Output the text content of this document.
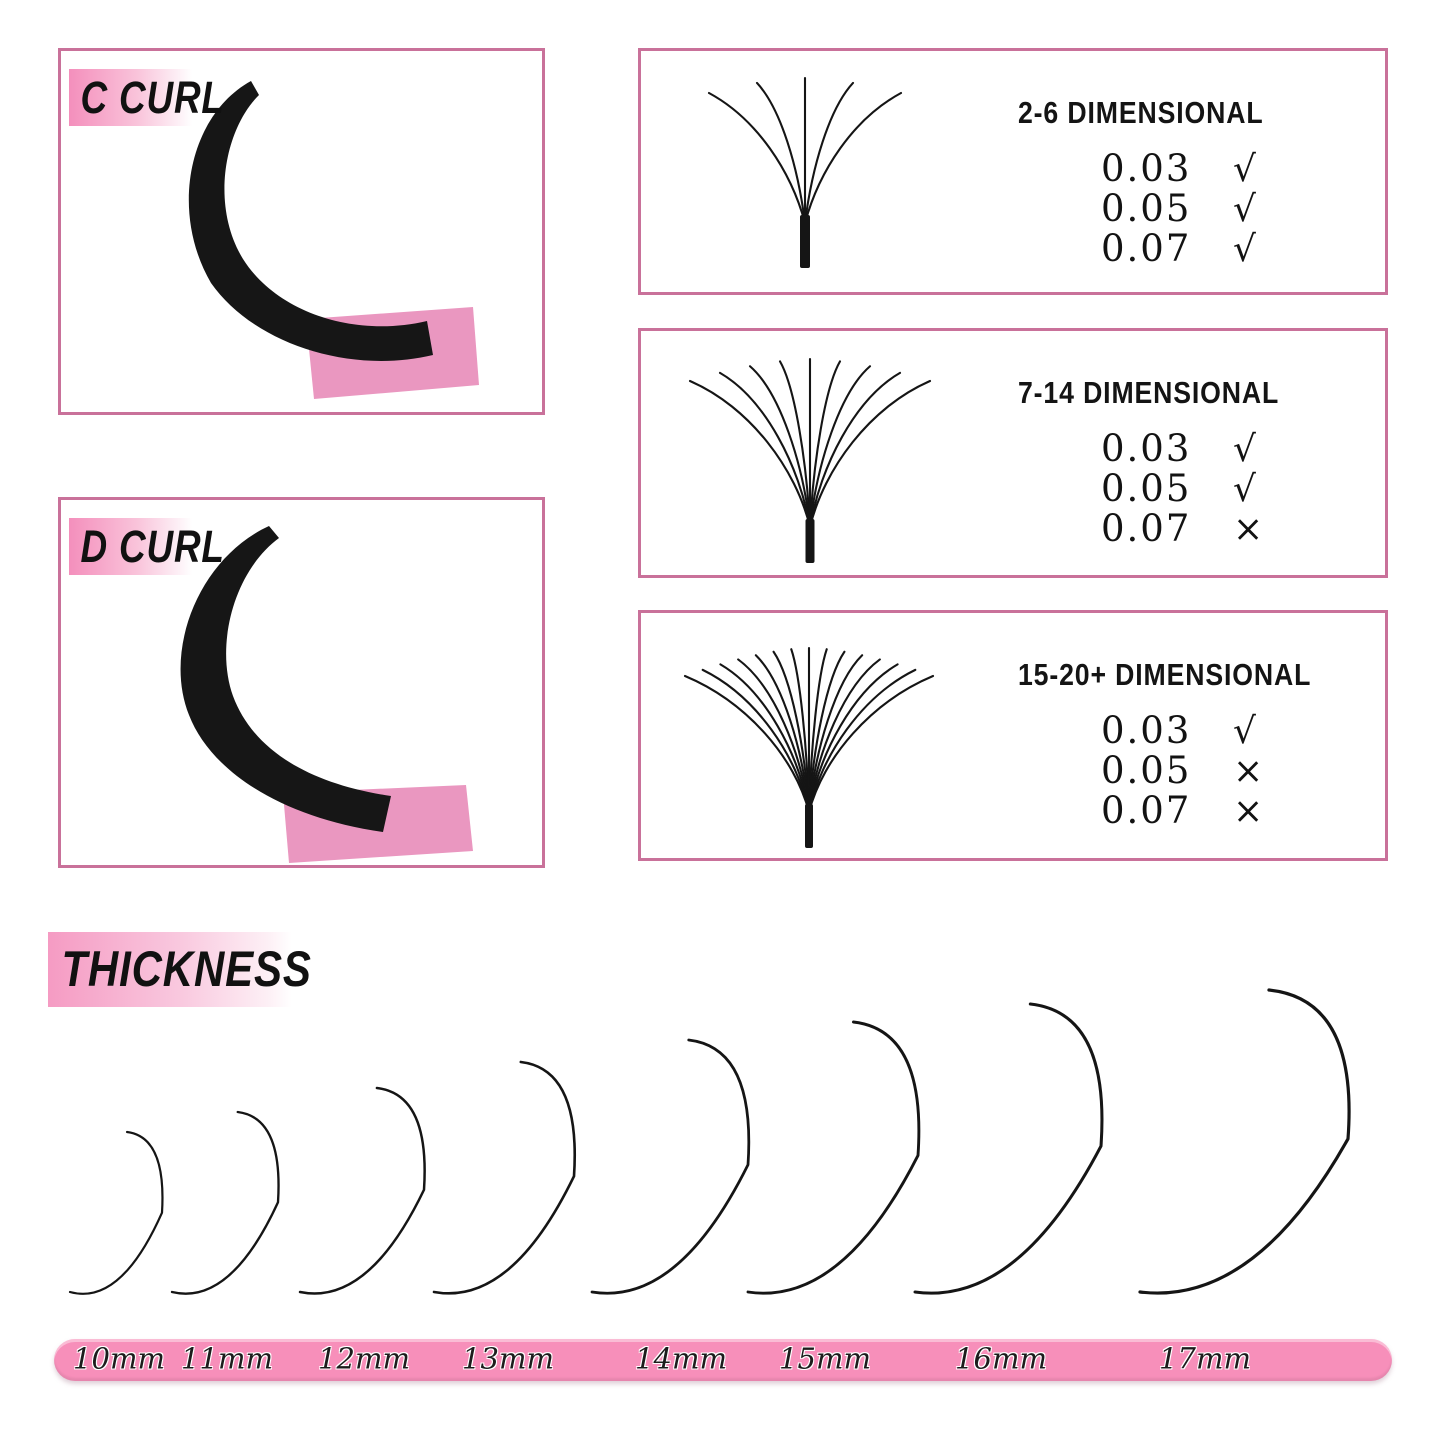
C CURL
D CURL
2-6 DIMENSIONAL
0.03	√
0.05	√
0.07	√
7-14 DIMENSIONAL
0.03	√
0.05	√
0.07	×
15-20+ DIMENSIONAL
0.03	√
0.05	×
0.07	×
THICKNESS
10mm 11mm 12mm 13mm	14mm 15mm	16mm	17mm
